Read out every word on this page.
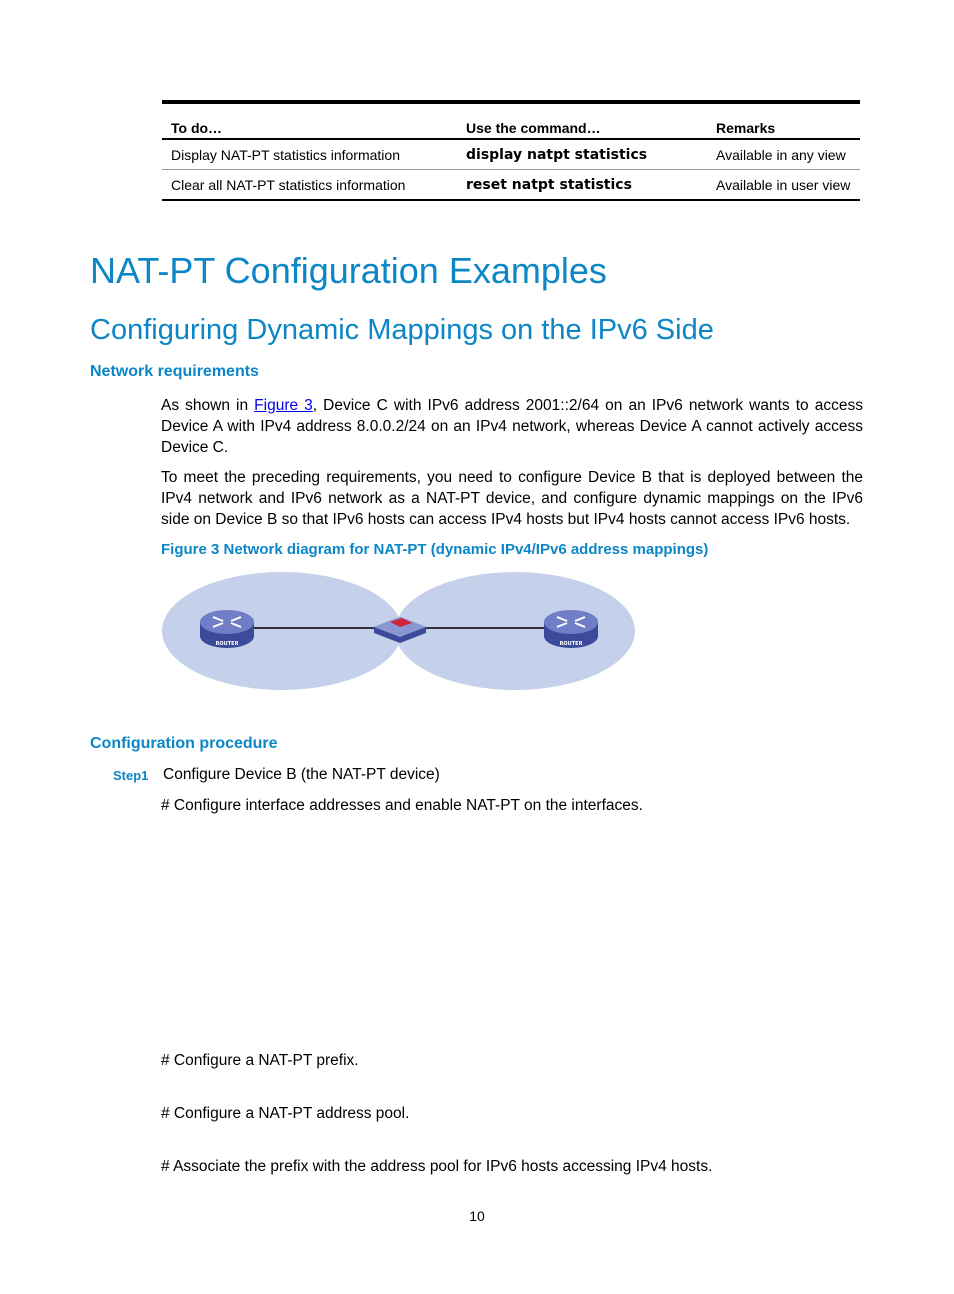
To do…	Use the command…	Remarks
Display NAT-PT statistics information	display natpt statistics	Available in any view
Clear all NAT-PT statistics information	reset natpt statistics	Available in user view
NAT-PT Configuration Examples
Configuring Dynamic Mappings on the IPv6 Side
Network requirements

As shown in Figure 3, Device C with IPv6 address 2001::2/64 on an IPv6 network wants to access Device A with IPv4 address 8.0.0.2/24 on an IPv4 network, whereas Device A cannot actively access Device C.

To meet the preceding requirements, you need to configure Device B that is deployed between the IPv4 network and IPv6 network as a NAT-PT device, and configure dynamic mappings on the IPv6 side on Device B so that IPv6 hosts can access IPv4 hosts but IPv4 hosts cannot access IPv6 hosts.

Figure 3 Network diagram for NAT-PT (dynamic IPv4/IPv6 address mappings)
ROUTER	ROUTER
Configuration procedure
Step1 Configure Device B (the NAT-PT device)
# Configure interface addresses and enable NAT-PT on the interfaces.
# Configure a NAT-PT prefix.
# Configure a NAT-PT address pool.
# Associate the prefix with the address pool for IPv6 hosts accessing IPv4 hosts.
10
